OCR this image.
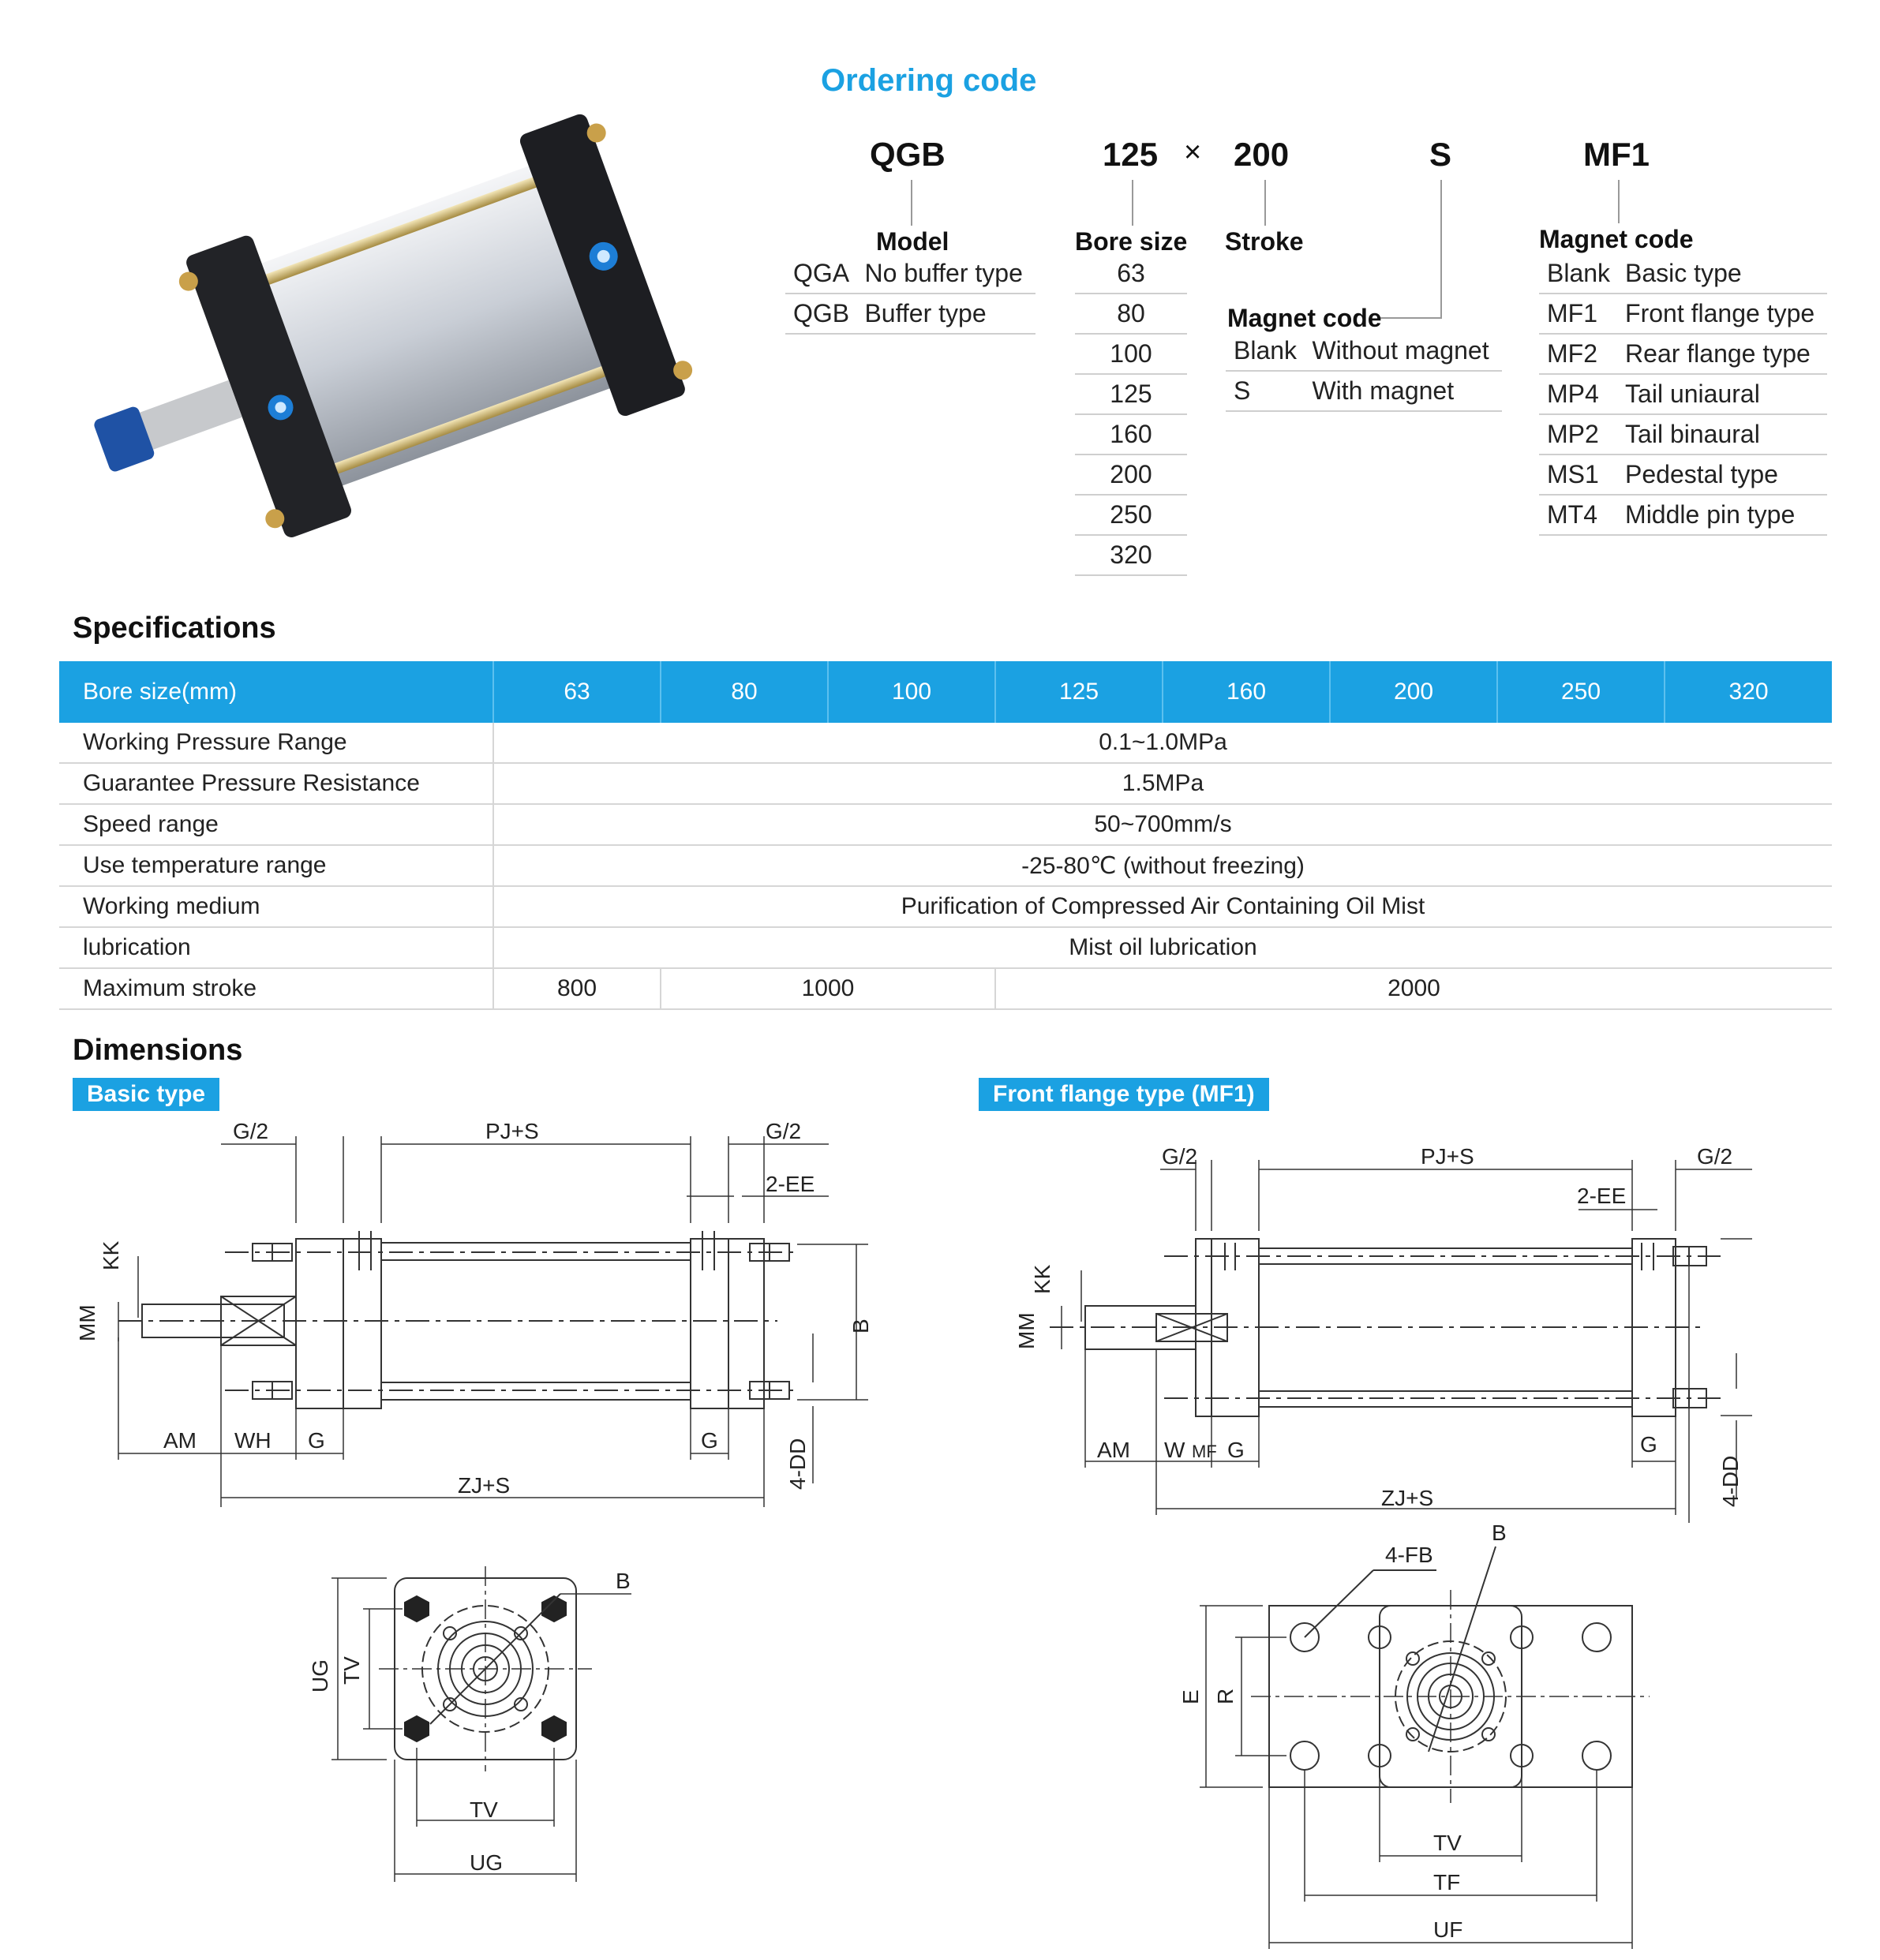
Ordering code
QGB	125 × 200	S	MF1
Model
QGA	No buffer type
QGB	Buffer type
Bore size
63
80
100
125
160
200
250
320
Stroke
Magnet code
Blank	Without magnet
S	With magnet
Magnet code
Blank	Basic type
MF1	Front flange type
MF2	Rear flange type
MP4	Tail uniaural
MP2	Tail binaural
MS1	Pedestal type
MT4	Middle pin type
Specifications
Bore size(mm)	63	80	100	125	160	200	250	320
Working Pressure Range	0.1~1.0MPa							
Guarantee Pressure Resistance	1.5MPa							
Speed range	50~700mm/s							
Use temperature range	-25-80℃ (without freezing)							
Working medium	Purification of Compressed Air Containing Oil Mist							
lubrication	Mist oil lubrication							
Maximum stroke	800	1000		2000				
Dimensions
Basic type	Front flange type (MF1)
G/2	PJ+S	G/2
2-EE
AM WH G	G
ZJ+S
B
4-DD
KK
MM
B
TV
UG
UG TV
G/2	PJ+S	G/2
2-EE
AM W MF G	G
ZJ+S	4-DD
KK
MM
4-FB
B
TV
TF
UF
E R
